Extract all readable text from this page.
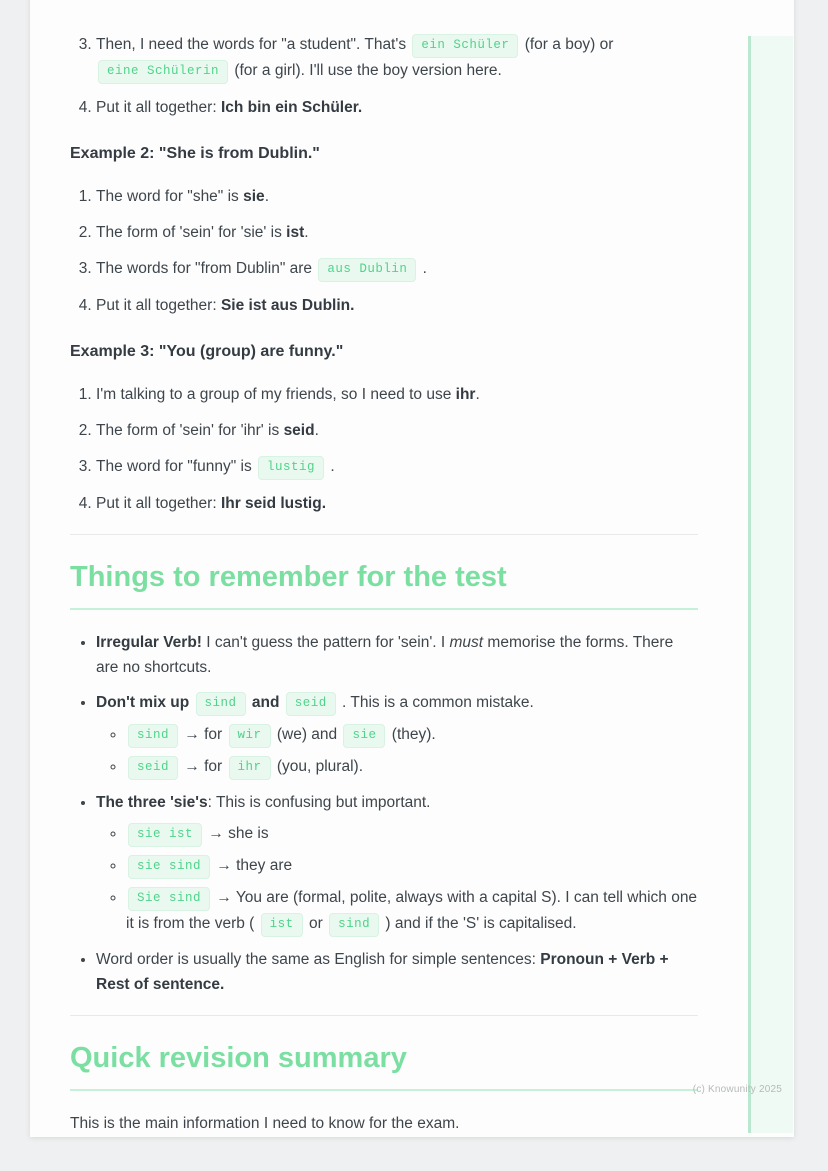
3. Then, I need the words for "a student". That's ein Schüler (for a boy) or eine Schülerin (for a girl). I'll use the boy version here.
4. Put it all together: Ich bin ein Schüler.

Example 2: "She is from Dublin."

1. The word for "she" is sie.
2. The form of 'sein' for 'sie' is ist.
3. The words for "from Dublin" are aus Dublin .
4. Put it all together: Sie ist aus Dublin.

Example 3: "You (group) are funny."

1. I'm talking to a group of my friends, so I need to use ihr.
2. The form of 'sein' for 'ihr' is seid.
3. The word for "funny" is lustig .
4. Put it all together: Ihr seid lustig.
Things to remember for the test
• Irregular Verb! I can't guess the pattern for 'sein'. I must memorise the forms. There are no shortcuts.
• Don't mix up sind and seid . This is a common mistake.
◦ sind → for wir (we) and sie (they).
◦ seid → for ihr (you, plural).
• The three 'sie's: This is confusing but important.
◦ sie ist → she is
◦ sie sind → they are
◦ Sie sind → You are (formal, polite, always with a capital S). I can tell which one it is from the verb ( ist or sind ) and if the 'S' is capitalised.
• Word order is usually the same as English for simple sentences: Pronoun + Verb + Rest of sentence.
Quick revision summary

This is the main information I need to know for the exam.

(c) Knowunity 2025
